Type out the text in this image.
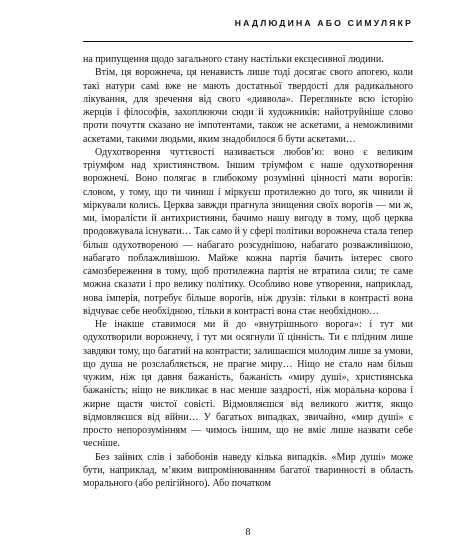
НАДЛЮДИНА АБО СИМУЛЯКР

на припущення щодо загального стану настільки ексцесивної людини.

Втім, ця ворожнеча, ця ненависть лише тоді досягає свого апогею, коли такі натури самі вже не мають достатньої твердості для радикального лікування, для зречення від свого «диявола». Перегляньте всю історію жерців і філософів, захоплюючи сюди й художників: найотруйніше слово проти почуття сказано не імпотентами, також не аскетами, а неможливими аскетами, такими людьми, яким знадобилося б бути аскетами…

Одухотворення чуттєвості називається любов’ю: воно є великим тріумфом над християнством. Іншим тріумфом є наше одухотворення ворожнечі. Воно полягає в глибокому розумінні цінності мати ворогів: словом, у тому, що ти чиниш і міркуєш протилежно до того, як чинили й міркували колись. Церква завжди прагнула знищення своїх ворогів — ми ж, ми, іморалісти й антихристияни, бачимо нашу вигоду в тому, щоб церква продовжувала існувати… Так само й у сфері політики ворожнеча стала тепер більш одухотвореною — набагато розсуднішою, набагато розважливішою, набагато поблажливішою. Майже кожна партія бачить інтерес свого самозбереження в тому, щоб протилежна партія не втратила сили; те саме можна сказати і про велику політику. Особливо нове утворення, наприклад, нова імперія, потребує більше ворогів, ніж друзів: тільки в контрасті вона відчуває себе необхідною, тільки в контрасті вона стає необхідною…

Не інакше ставимося ми й до «внутрішнього ворога»: і тут ми одухотворили ворожнечу, і тут ми осягнули її цінність. Ти є плідним лише завдяки тому, що багатий на контрасти; залишаєшся молодим лише за умови, що душа не розслабляється, не прагне миру… Ніщо не стало нам більш чужим, ніж ця давня бажаність, бажаність «миру душі», християнська бажаність; ніщо не викликає в нас менше заздрості, ніж моральна корова і жирне щастя чистої совісті. Відмовляєшся від великого життя, якщо відмовляєшся від війни… У багатьох випадках, звичайно, «мир душі» є просто непорозумінням — чимось іншим, що не вміє лише назвати себе чесніше.

Без зайвих слів і забобонів наведу кілька випадків. «Мир душі» може бути, наприклад, м’яким випромінюванням багатої тваринності в область морального (або релігійного). Або початком

8
